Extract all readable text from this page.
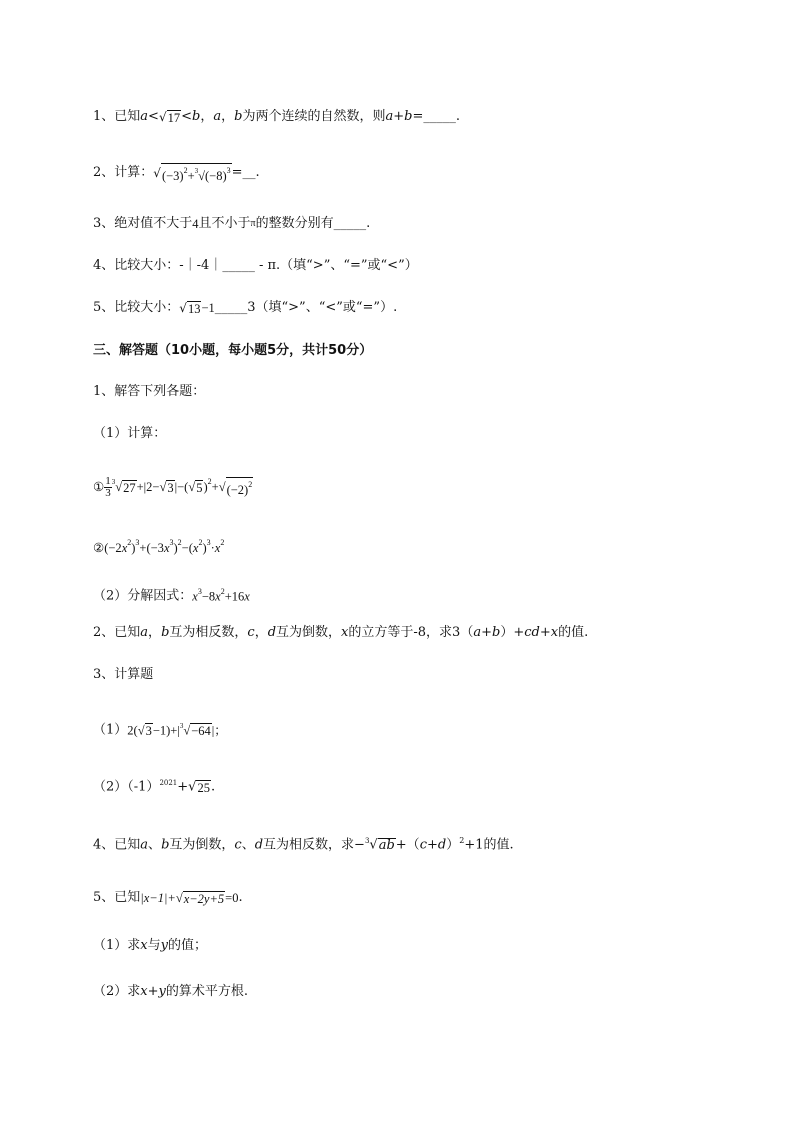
1、已知a<√17<b，a，b为两个连续的自然数，则a+b=_____.
2、计算：$√(-3)^2+^3√(-8)^3=\_\_$.
3、绝对值不大于4且不小于π的整数分别有_____.
4、比较大小：-｜-4｜_____ - π.（填“>”、“=”或“<”）
5、比较大小：√13−1_____3（填“>”、“<”或“=”）.
三、解答题（10小题，每小题5分，共计50分）
1、解答下列各题：
（1）计算：
① $\frac{1}{3} ^3√27+|2-√3|-(√5)^2+√(-2)^2$
$②(-2x^2)^3+(-3x^3)^2-(x^2)^3\cdot x^2$
（2）分解因式：$x^3-8x^2+16x$
2、已知a，b互为相反数，c，d互为倒数，x的立方等于-8，求3（a+b）+cd+x的值.
3、计算题
$(1)2(√3-1)+|^3√-64|$；
$(2)(-1)^{2021}+√25$.
4、已知a、b互为倒数，c、d互为相反数，求$-^3√ab+(c+d)^2+1$的值.
5、已知|x−1|+√x−2y+5=0.
（1）求x与y的值；
（2）求x+y的算术平方根.
